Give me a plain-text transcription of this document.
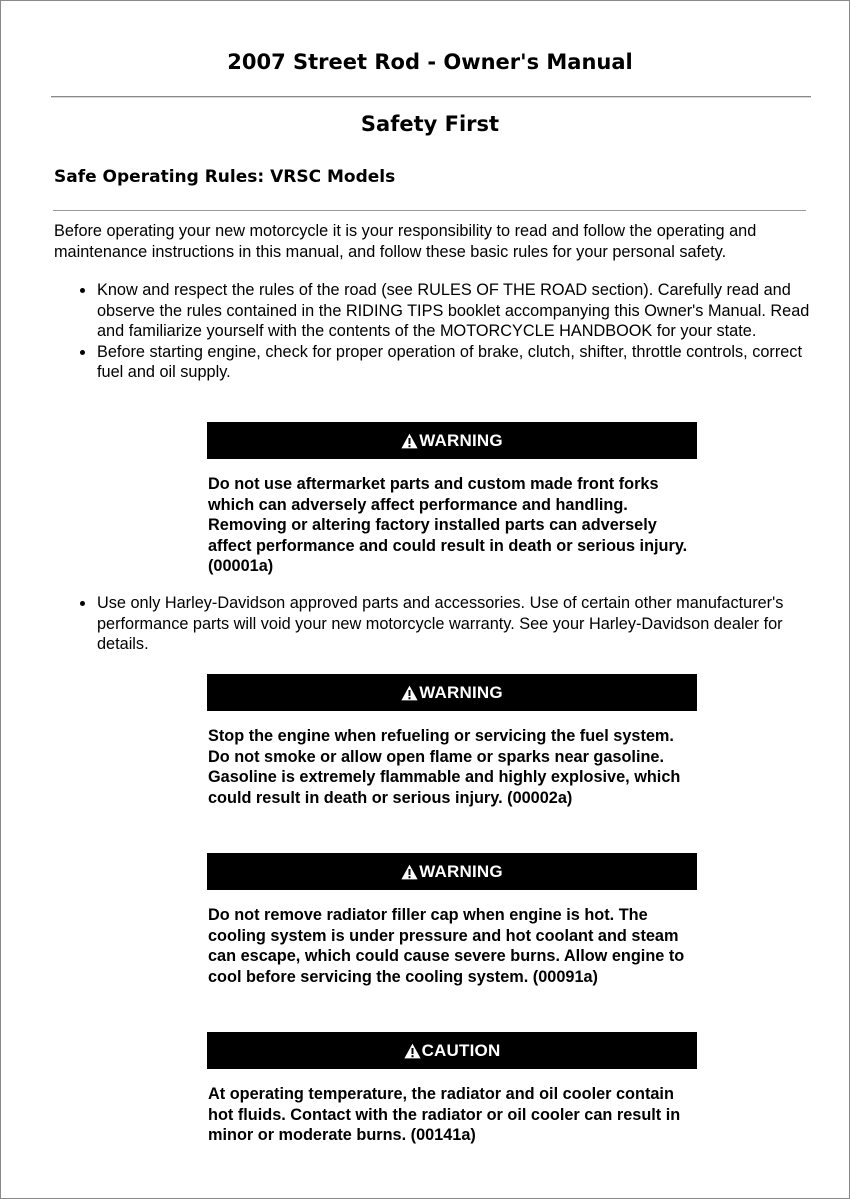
2007 Street Rod - Owner's Manual
Safety First
Safe Operating Rules: VRSC Models

Before operating your new motorcycle it is your responsibility to read and follow the operating and maintenance instructions in this manual, and follow these basic rules for your personal safety.

Know and respect the rules of the road (see RULES OF THE ROAD section). Carefully read and observe the rules contained in the RIDING TIPS booklet accompanying this Owner's Manual. Read and familiarize yourself with the contents of the MOTORCYCLE HANDBOOK for your state.
Before starting engine, check for proper operation of brake, clutch, shifter, throttle controls, correct fuel and oil supply.
WARNING

Do not use aftermarket parts and custom made front forks which can adversely affect performance and handling. Removing or altering factory installed parts can adversely affect performance and could result in death or serious injury. (00001a)

Use only Harley-Davidson approved parts and accessories. Use of certain other manufacturer's performance parts will void your new motorcycle warranty. See your Harley-Davidson dealer for details.
WARNING

Stop the engine when refueling or servicing the fuel system. Do not smoke or allow open flame or sparks near gasoline. Gasoline is extremely flammable and highly explosive, which could result in death or serious injury. (00002a)

WARNING

Do not remove radiator filler cap when engine is hot. The cooling system is under pressure and hot coolant and steam can escape, which could cause severe burns. Allow engine to cool before servicing the cooling system. (00091a)

CAUTION

At operating temperature, the radiator and oil cooler contain hot fluids. Contact with the radiator or oil cooler can result in minor or moderate burns. (00141a)
